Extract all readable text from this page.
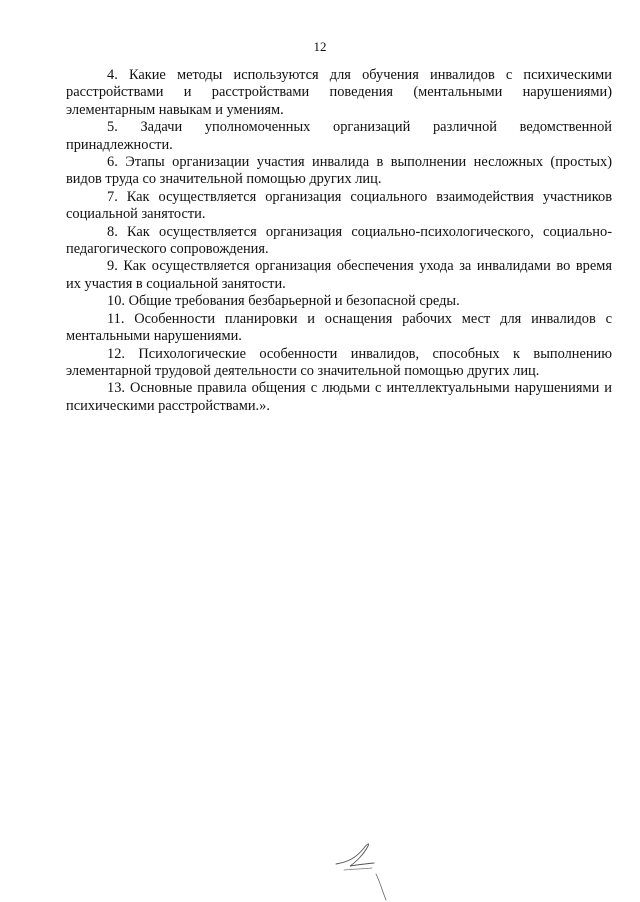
12

4. Какие методы используются для обучения инвалидов с психическими расстройствами и расстройствами поведения (ментальными нарушениями) элементарным навыкам и умениям.

5. Задачи уполномоченных организаций различной ведомственной принадлежности.

6. Этапы организации участия инвалида в выполнении несложных (простых) видов труда со значительной помощью других лиц.

7. Как осуществляется организация социального взаимодействия участников социальной занятости.

8. Как осуществляется организация социально-психологического, социально-педагогического сопровождения.

9. Как осуществляется организация обеспечения ухода за инвалидами во время их участия в социальной занятости.

10. Общие требования безбарьерной и безопасной среды.

11. Особенности планировки и оснащения рабочих мест для инвалидов с ментальными нарушениями.

12. Психологические особенности инвалидов, способных к выполнению элементарной трудовой деятельности со значительной помощью других лиц.

13. Основные правила общения с людьми с интеллектуальными нарушениями и психическими расстройствами.».
